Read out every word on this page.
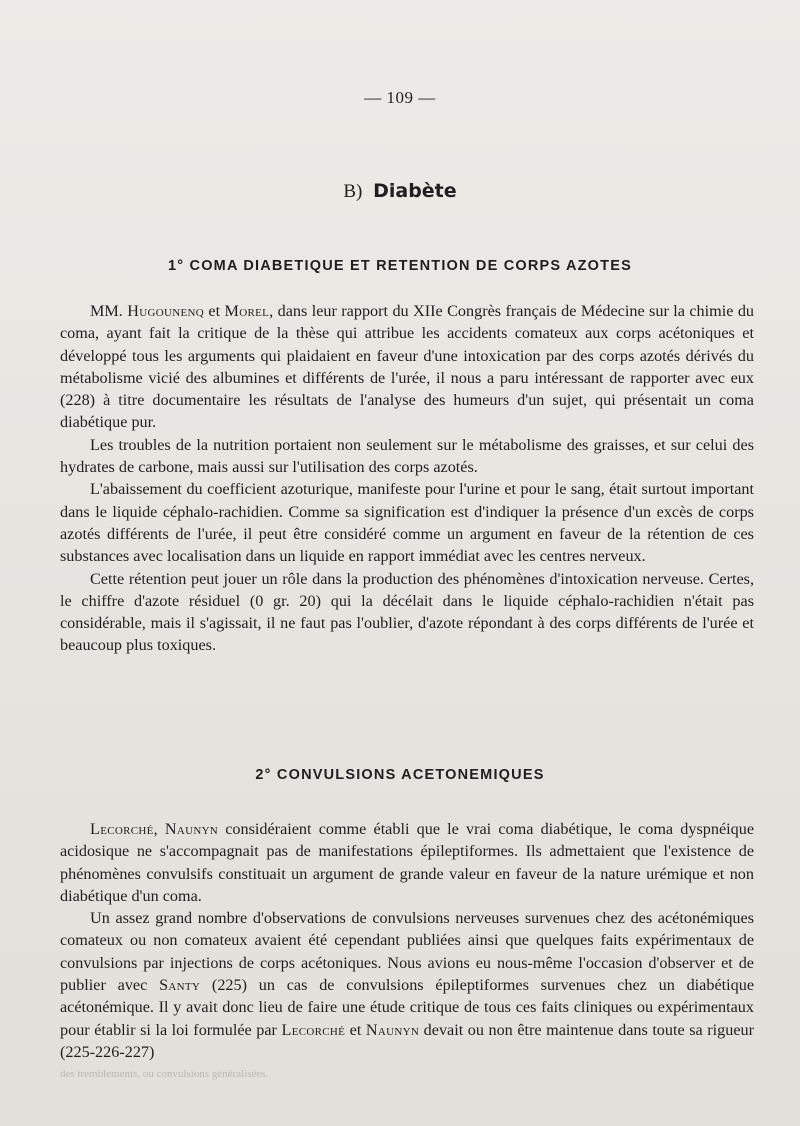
— 109 —
B) Diabète
1° COMA DIABETIQUE ET RETENTION DE CORPS AZOTES

MM. Hugounenq et Morel, dans leur rapport du XIIe Congrès français de Médecine sur la chimie du coma, ayant fait la critique de la thèse qui attribue les accidents comateux aux corps acétoniques et développé tous les arguments qui plaidaient en faveur d'une intoxication par des corps azotés dérivés du métabolisme vicié des albumines et différents de l'urée, il nous a paru intéressant de rapporter avec eux (228) à titre documentaire les résultats de l'analyse des humeurs d'un sujet, qui présentait un coma diabétique pur.

Les troubles de la nutrition portaient non seulement sur le métabolisme des graisses, et sur celui des hydrates de carbone, mais aussi sur l'utilisation des corps azotés.

L'abaissement du coefficient azoturique, manifeste pour l'urine et pour le sang, était surtout important dans le liquide céphalo-rachidien. Comme sa signification est d'indiquer la présence d'un excès de corps azotés différents de l'urée, il peut être considéré comme un argument en faveur de la rétention de ces substances avec localisation dans un liquide en rapport immédiat avec les centres nerveux.

Cette rétention peut jouer un rôle dans la production des phénomènes d'intoxication nerveuse. Certes, le chiffre d'azote résiduel (0 gr. 20) qui la décélait dans le liquide céphalo-rachidien n'était pas considérable, mais il s'agissait, il ne faut pas l'oublier, d'azote répondant à des corps différents de l'urée et beaucoup plus toxiques.

2° CONVULSIONS ACETONEMIQUES

Lecorché, Naunyn considéraient comme établi que le vrai coma diabétique, le coma dyspnéique acidosique ne s'accompagnait pas de manifestations épileptiformes. Ils admettaient que l'existence de phénomènes convulsifs constituait un argument de grande valeur en faveur de la nature urémique et non diabétique d'un coma.

Un assez grand nombre d'observations de convulsions nerveuses survenues chez des acétonémiques comateux ou non comateux avaient été cependant publiées ainsi que quelques faits expérimentaux de convulsions par injections de corps acétoniques. Nous avions eu nous-même l'occasion d'observer et de publier avec Santy (225) un cas de convulsions épileptiformes survenues chez un diabétique acétonémique. Il y avait donc lieu de faire une étude critique de tous ces faits cliniques ou expérimentaux pour établir si la loi formulée par Lecorché et Naunyn devait ou non être maintenue dans toute sa rigueur (225-226-227)

des tremblements, ou convulsions généralisées.
